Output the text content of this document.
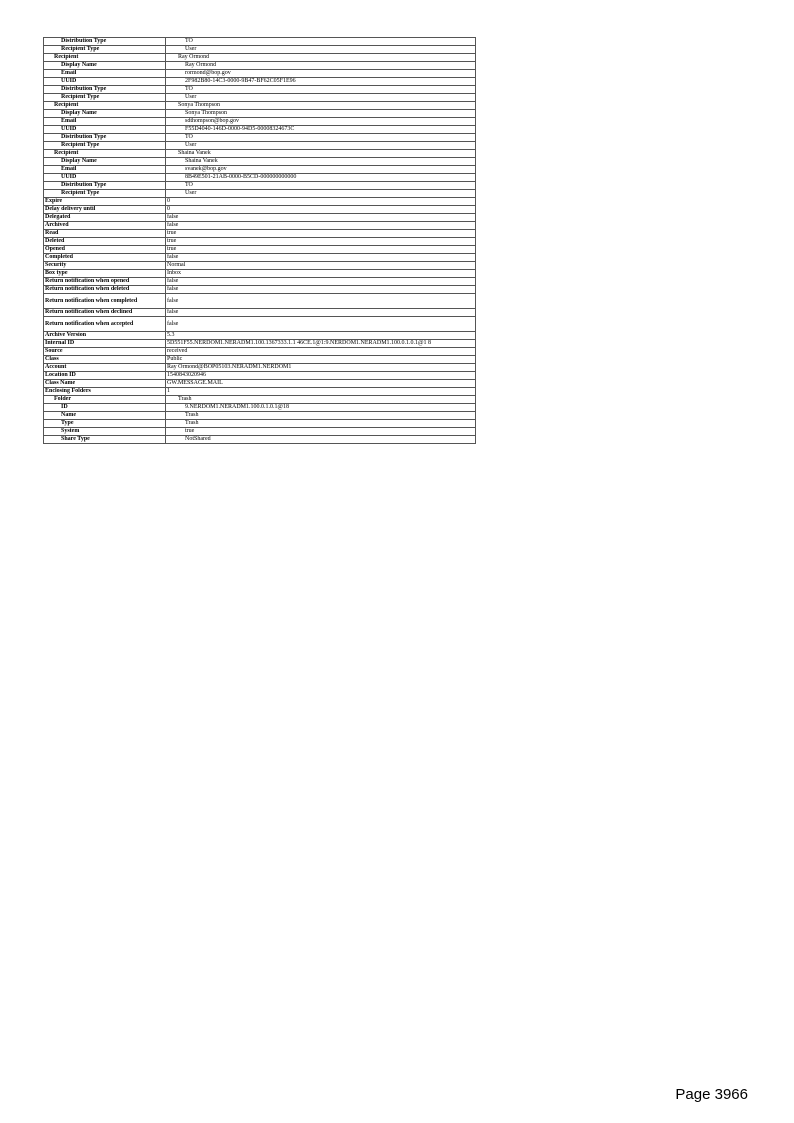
Distribution Type	TO
Recipient Type	User
Recipient	Ray Ormond
Display Name	Ray Ormond
Email	rormond@bop.gov
UUID	2F982B80-14C3-0000-9B47-BF62C05F1E96
Distribution Type	TO
Recipient Type	User
Recipient	Sonya Thompson
Display Name	Sonya Thompson
Email	sdthompson@bop.gov
UUID	F55D4040-146D-0000-94D5-00008324673C
Distribution Type	TO
Recipient Type	User
Recipient	Shaina Vanek
Display Name	Shaina Vanek
Email	svanek@bop.gov
UUID	8B49E501-21AB-0000-B5CD-000000000000
Distribution Type	TO
Recipient Type	User
Expire	0
Delay delivery until	0
Delegated	false
Archived	false
Read	true
Deleted	true
Opened	true
Completed	false
Security	Normal
Box type	Inbox
Return notification when opened	false
Return notification when deleted	false
Return notification when completed	false
Return notification when declined	false
Return notification when accepted	false
Archive Version	5.3
Internal ID	5D551F55.NERDOM1.NERADM1.100.1367333.1.1 46CE.1@1:9.NERDOM1.NERADM1.100.0.1.0.1@1 8
Source	received
Class	Public
Account	Ray Ormond@BOP05103.NERADM1.NERDOM1
Location ID	1540843020946
Class Name	GW.MESSAGE.MAIL
Enclosing Folders	1
Folder	Trash
ID	9.NERDOM1.NERADM1.100.0.1.0.1@18
Name	Trash
Type	Trash
System	true
Share Type	NotShared
Page 3966
